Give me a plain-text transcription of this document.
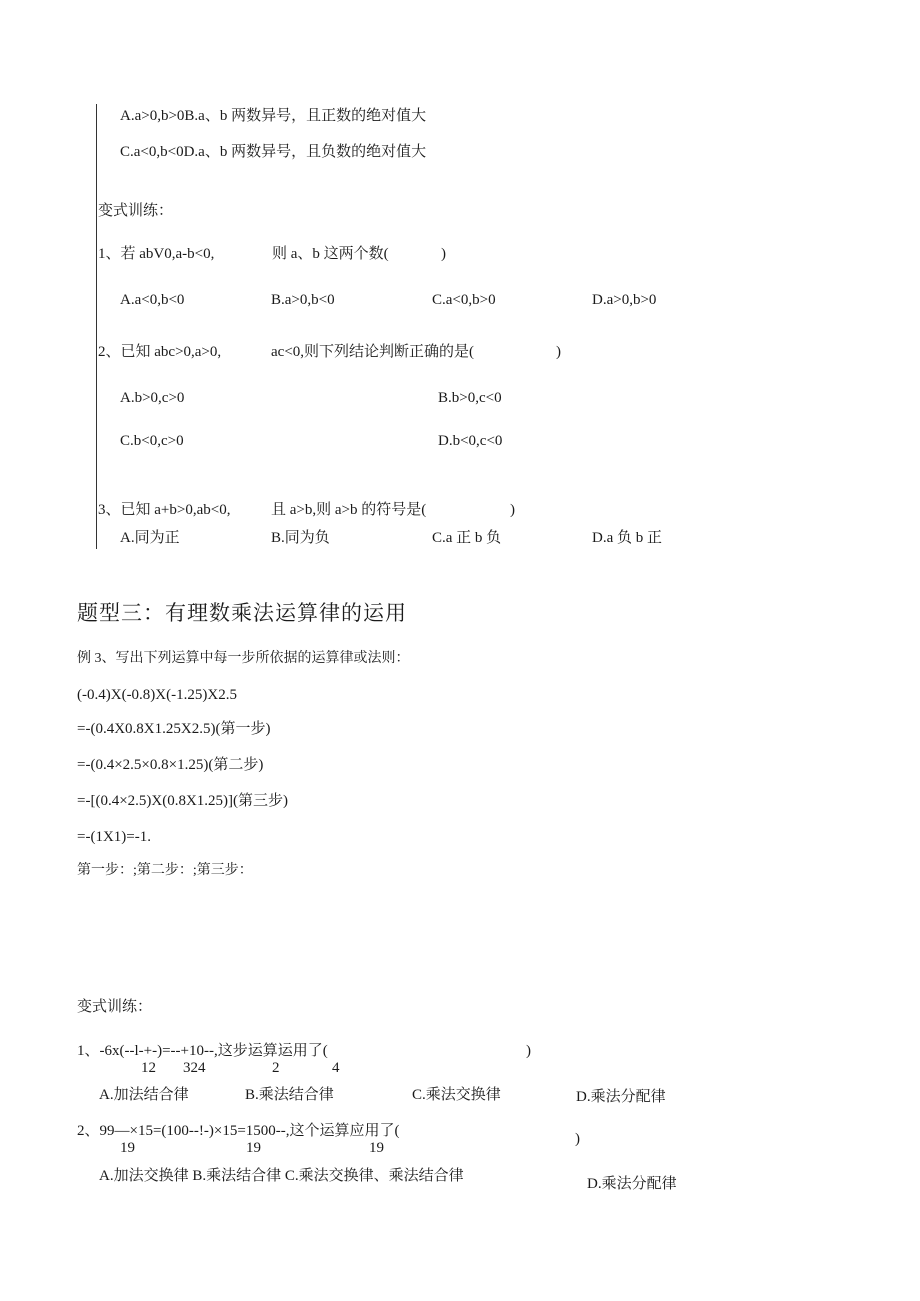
A.a>0,b>0B.a、b 两数异号，且正数的绝对值大
C.a<0,b<0D.a、b 两数异号，且负数的绝对值大
变式训练：
1、若 abV0,a-b<0,	则 a、b 这两个数(	)
A.a<0,b<0	B.a>0,b<0	C.a<0,b>0	D.a>0,b>0
2、已知 abc>0,a>0,	ac<0,则下列结论判断正确的是(	)
A.b>0,c>0	B.b>0,c<0
C.b<0,c>0	D.b<0,c<0
3、已知 a+b>0,ab<0,	且 a>b,则 a>b 的符号是(	)
A.同为正	B.同为负	C.a 正 b 负	D.a 负 b 正
题型三：有理数乘法运算律的运用
例 3、写出下列运算中每一步所依据的运算律或法则：
(-0.4)X(-0.8)X(-1.25)X2.5
=-(0.4X0.8X1.25X2.5)(第一步)
=-(0.4×2.5×0.8×1.25)(第二步)
=-[(0.4×2.5)X(0.8X1.25)](第三步)
=-(1X1)=-1.
第一步：;第二步：;第三步：
变式训练：
1、-6x(--l-+-)=--+10--,这步运算运用了(	)
12 324	2	4
A.加法结合律	B.乘法结合律	C.乘法交换律	D.乘法分配律
2、99—×15=(100--!-)×15=1500--,这个运算应用了(	)
19	19	19
A.加法交换律 B.乘法结合律 C.乘法交换律、乘法结合律	D.乘法分配律
